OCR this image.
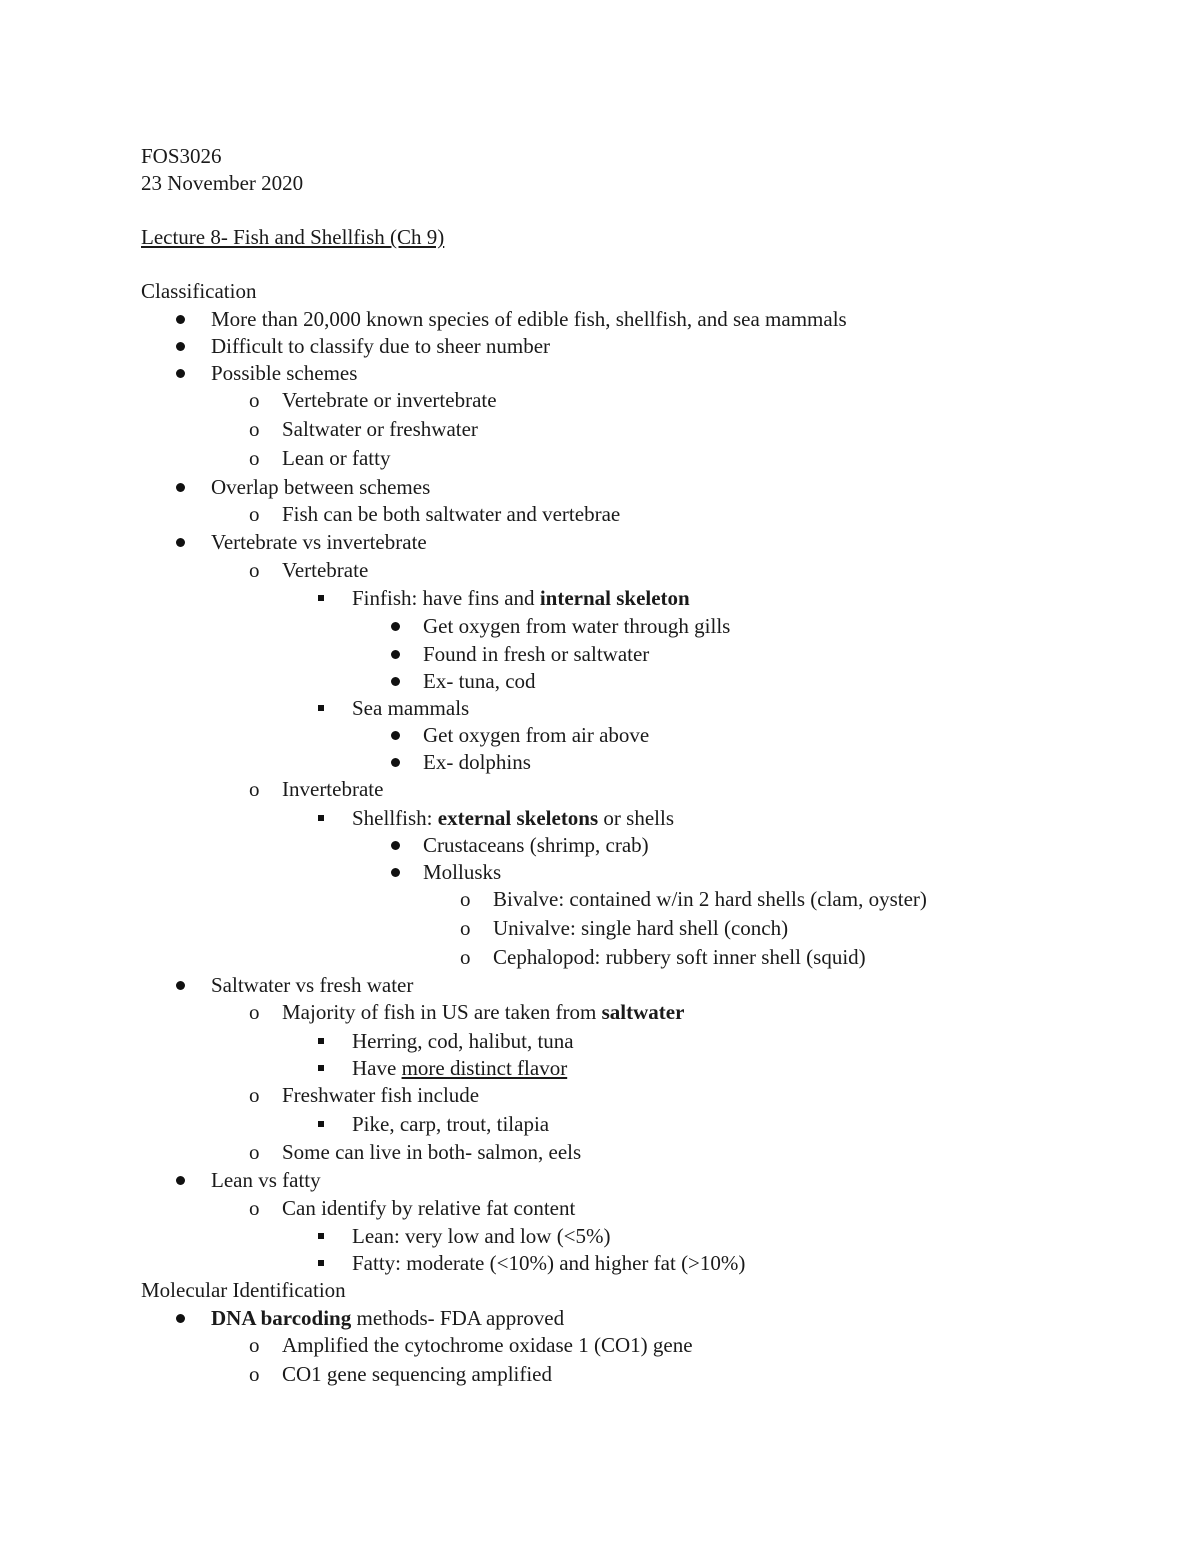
FOS3026
23 November 2020
Lecture 8- Fish and Shellfish (Ch 9)
Classification
More than 20,000 known species of edible fish, shellfish, and sea mammals
Difficult to classify due to sheer number
Possible schemes
o Vertebrate or invertebrate
o Saltwater or freshwater
o Lean or fatty
Overlap between schemes
o Fish can be both saltwater and vertebrae
Vertebrate vs invertebrate
o Vertebrate
Finfish: have fins and internal skeleton
Get oxygen from water through gills
Found in fresh or saltwater
Ex- tuna, cod
Sea mammals
Get oxygen from air above
Ex- dolphins
o Invertebrate
Shellfish: external skeletons or shells
Crustaceans (shrimp, crab)
Mollusks
o Bivalve: contained w/in 2 hard shells (clam, oyster)
o Univalve: single hard shell (conch)
o Cephalopod: rubbery soft inner shell (squid)
Saltwater vs fresh water
o Majority of fish in US are taken from saltwater
Herring, cod, halibut, tuna
Have more distinct flavor
o Freshwater fish include
Pike, carp, trout, tilapia
o Some can live in both- salmon, eels
Lean vs fatty
o Can identify by relative fat content
Lean: very low and low (<5%)
Fatty: moderate (<10%) and higher fat (>10%)
Molecular Identification
DNA barcoding methods- FDA approved
o Amplified the cytochrome oxidase 1 (CO1) gene
o CO1 gene sequencing amplified
